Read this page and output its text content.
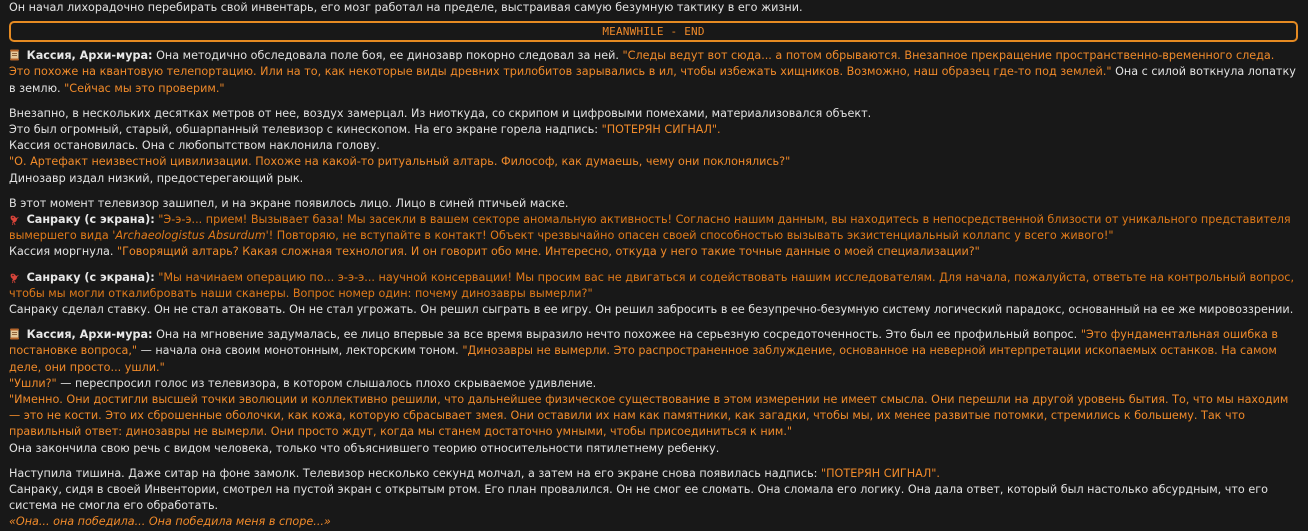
Он начал лихорадочно перебирать свой инвентарь, его мозг работал на пределе, выстраивая самую безумную тактику в его жизни.

MEANWHILE - END

Кассия, Архи-мура: Она методично обследовала поле боя, ее динозавр покорно следовал за ней. "Следы ведут вот сюда... а потом обрываются. Внезапное прекращение пространственно-временного следа. Это похоже на квантовую телепортацию. Или на то, как некоторые виды древних трилобитов зарывались в ил, чтобы избежать хищников. Возможно, наш образец где-то под землей." Она с силой воткнула лопатку в землю. "Сейчас мы это проверим."

Внезапно, в нескольких десятках метров от нее, воздух замерцал. Из ниоткуда, со скрипом и цифровыми помехами, материализовался объект.

Это был огромный, старый, обшарпанный телевизор с кинескопом. На его экране горела надпись: "ПОТЕРЯН СИГНАЛ".

Кассия остановилась. Она с любопытством наклонила голову.

"О. Артефакт неизвестной цивилизации. Похоже на какой-то ритуальный алтарь. Философ, как думаешь, чему они поклонялись?"

Динозавр издал низкий, предостерегающий рык.

В этот момент телевизор зашипел, и на экране появилось лицо. Лицо в синей птичьей маске.

Санраку (с экрана): "Э-э-э... прием! Вызывает база! Мы засекли в вашем секторе аномальную активность! Согласно нашим данным, вы находитесь в непосредственной близости от уникального представителя вымершего вида 'Archaeologistus Absurdum'! Повторяю, не вступайте в контакт! Объект чрезвычайно опасен своей способностью вызывать экзистенциальный коллапс у всего живого!"

Кассия моргнула. "Говорящий алтарь? Какая сложная технология. И он говорит обо мне. Интересно, откуда у него такие точные данные о моей специализации?"

Санраку (с экрана): "Мы начинаем операцию по... э-э-э... научной консервации! Мы просим вас не двигаться и содействовать нашим исследователям. Для начала, пожалуйста, ответьте на контрольный вопрос, чтобы мы могли откалибровать наши сканеры. Вопрос номер один: почему динозавры вымерли?"

Санраку сделал ставку. Он не стал атаковать. Он не стал угрожать. Он решил сыграть в ее игру. Он решил забросить в ее безупречно-безумную систему логический парадокс, основанный на ее же мировоззрении.

Кассия, Архи-мура: Она на мгновение задумалась, ее лицо впервые за все время выразило нечто похожее на серьезную сосредоточенность. Это был ее профильный вопрос. "Это фундаментальная ошибка в постановке вопроса," — начала она своим монотонным, лекторским тоном. "Динозавры не вымерли. Это распространенное заблуждение, основанное на неверной интерпретации ископаемых останков. На самом деле, они просто... ушли."

"Ушли?" — переспросил голос из телевизора, в котором слышалось плохо скрываемое удивление.

"Именно. Они достигли высшей точки эволюции и коллективно решили, что дальнейшее физическое существование в этом измерении не имеет смысла. Они перешли на другой уровень бытия. То, что мы находим — это не кости. Это их сброшенные оболочки, как кожа, которую сбрасывает змея. Они оставили их нам как памятники, как загадки, чтобы мы, их менее развитые потомки, стремились к большему. Так что правильный ответ: динозавры не вымерли. Они просто ждут, когда мы станем достаточно умными, чтобы присоединиться к ним."

Она закончила свою речь с видом человека, только что объяснившего теорию относительности пятилетнему ребенку.

Наступила тишина. Даже ситар на фоне замолк. Телевизор несколько секунд молчал, а затем на его экране снова появилась надпись: "ПОТЕРЯН СИГНАЛ".

Санраку, сидя в своей Инвентории, смотрел на пустой экран с открытым ртом. Его план провалился. Он не смог ее сломать. Она сломала его логику. Она дала ответ, который был настолько абсурдным, что его система не смогла его обработать.

«Она... она победила... Она победила меня в споре...»
